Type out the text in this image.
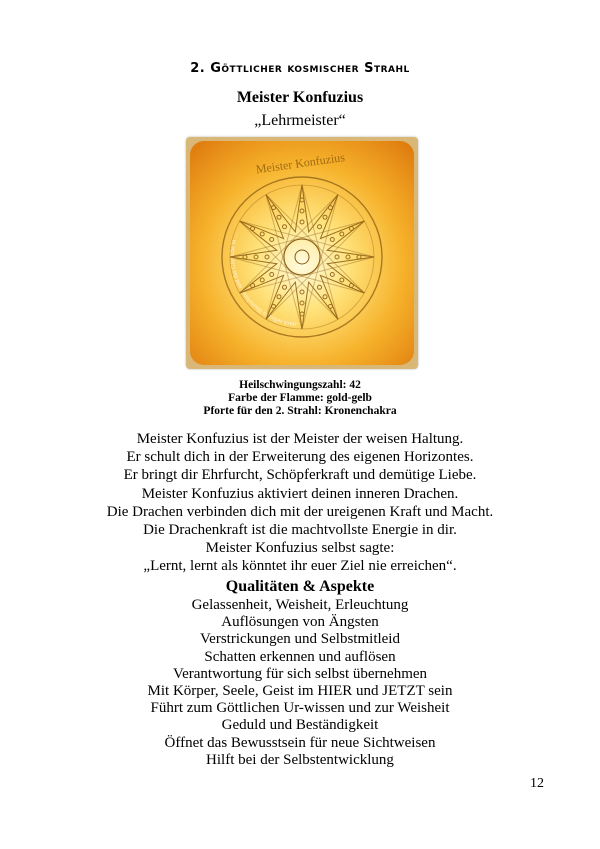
2. Göttlicher kosmischer Strahl
Meister Konfuzius
„Lehrmeister“
Meister Konfuzius
…mich selbst zu übernehmen und das Göttliche in …
Heilschwingungszahl: 42
Farbe der Flamme: gold-gelb
Pforte für den 2. Strahl: Kronenchakra
Meister Konfuzius ist der Meister der weisen Haltung.
Er schult dich in der Erweiterung des eigenen Horizontes.
Er bringt dir Ehrfurcht, Schöpferkraft und demütige Liebe.
Meister Konfuzius aktiviert deinen inneren Drachen.
Die Drachen verbinden dich mit der ureigenen Kraft und Macht.
Die Drachenkraft ist die machtvollste Energie in dir.
Meister Konfuzius selbst sagte:
„Lernt, lernt als könntet ihr euer Ziel nie erreichen“.
Qualitäten & Aspekte
Gelassenheit, Weisheit, Erleuchtung
Auflösungen von Ängsten
Verstrickungen und Selbstmitleid
Schatten erkennen und auflösen
Verantwortung für sich selbst übernehmen
Mit Körper, Seele, Geist im HIER und JETZT sein
Führt zum Göttlichen Ur-wissen und zur Weisheit
Geduld und Beständigkeit
Öffnet das Bewusstsein für neue Sichtweisen
Hilft bei der Selbstentwicklung
12
